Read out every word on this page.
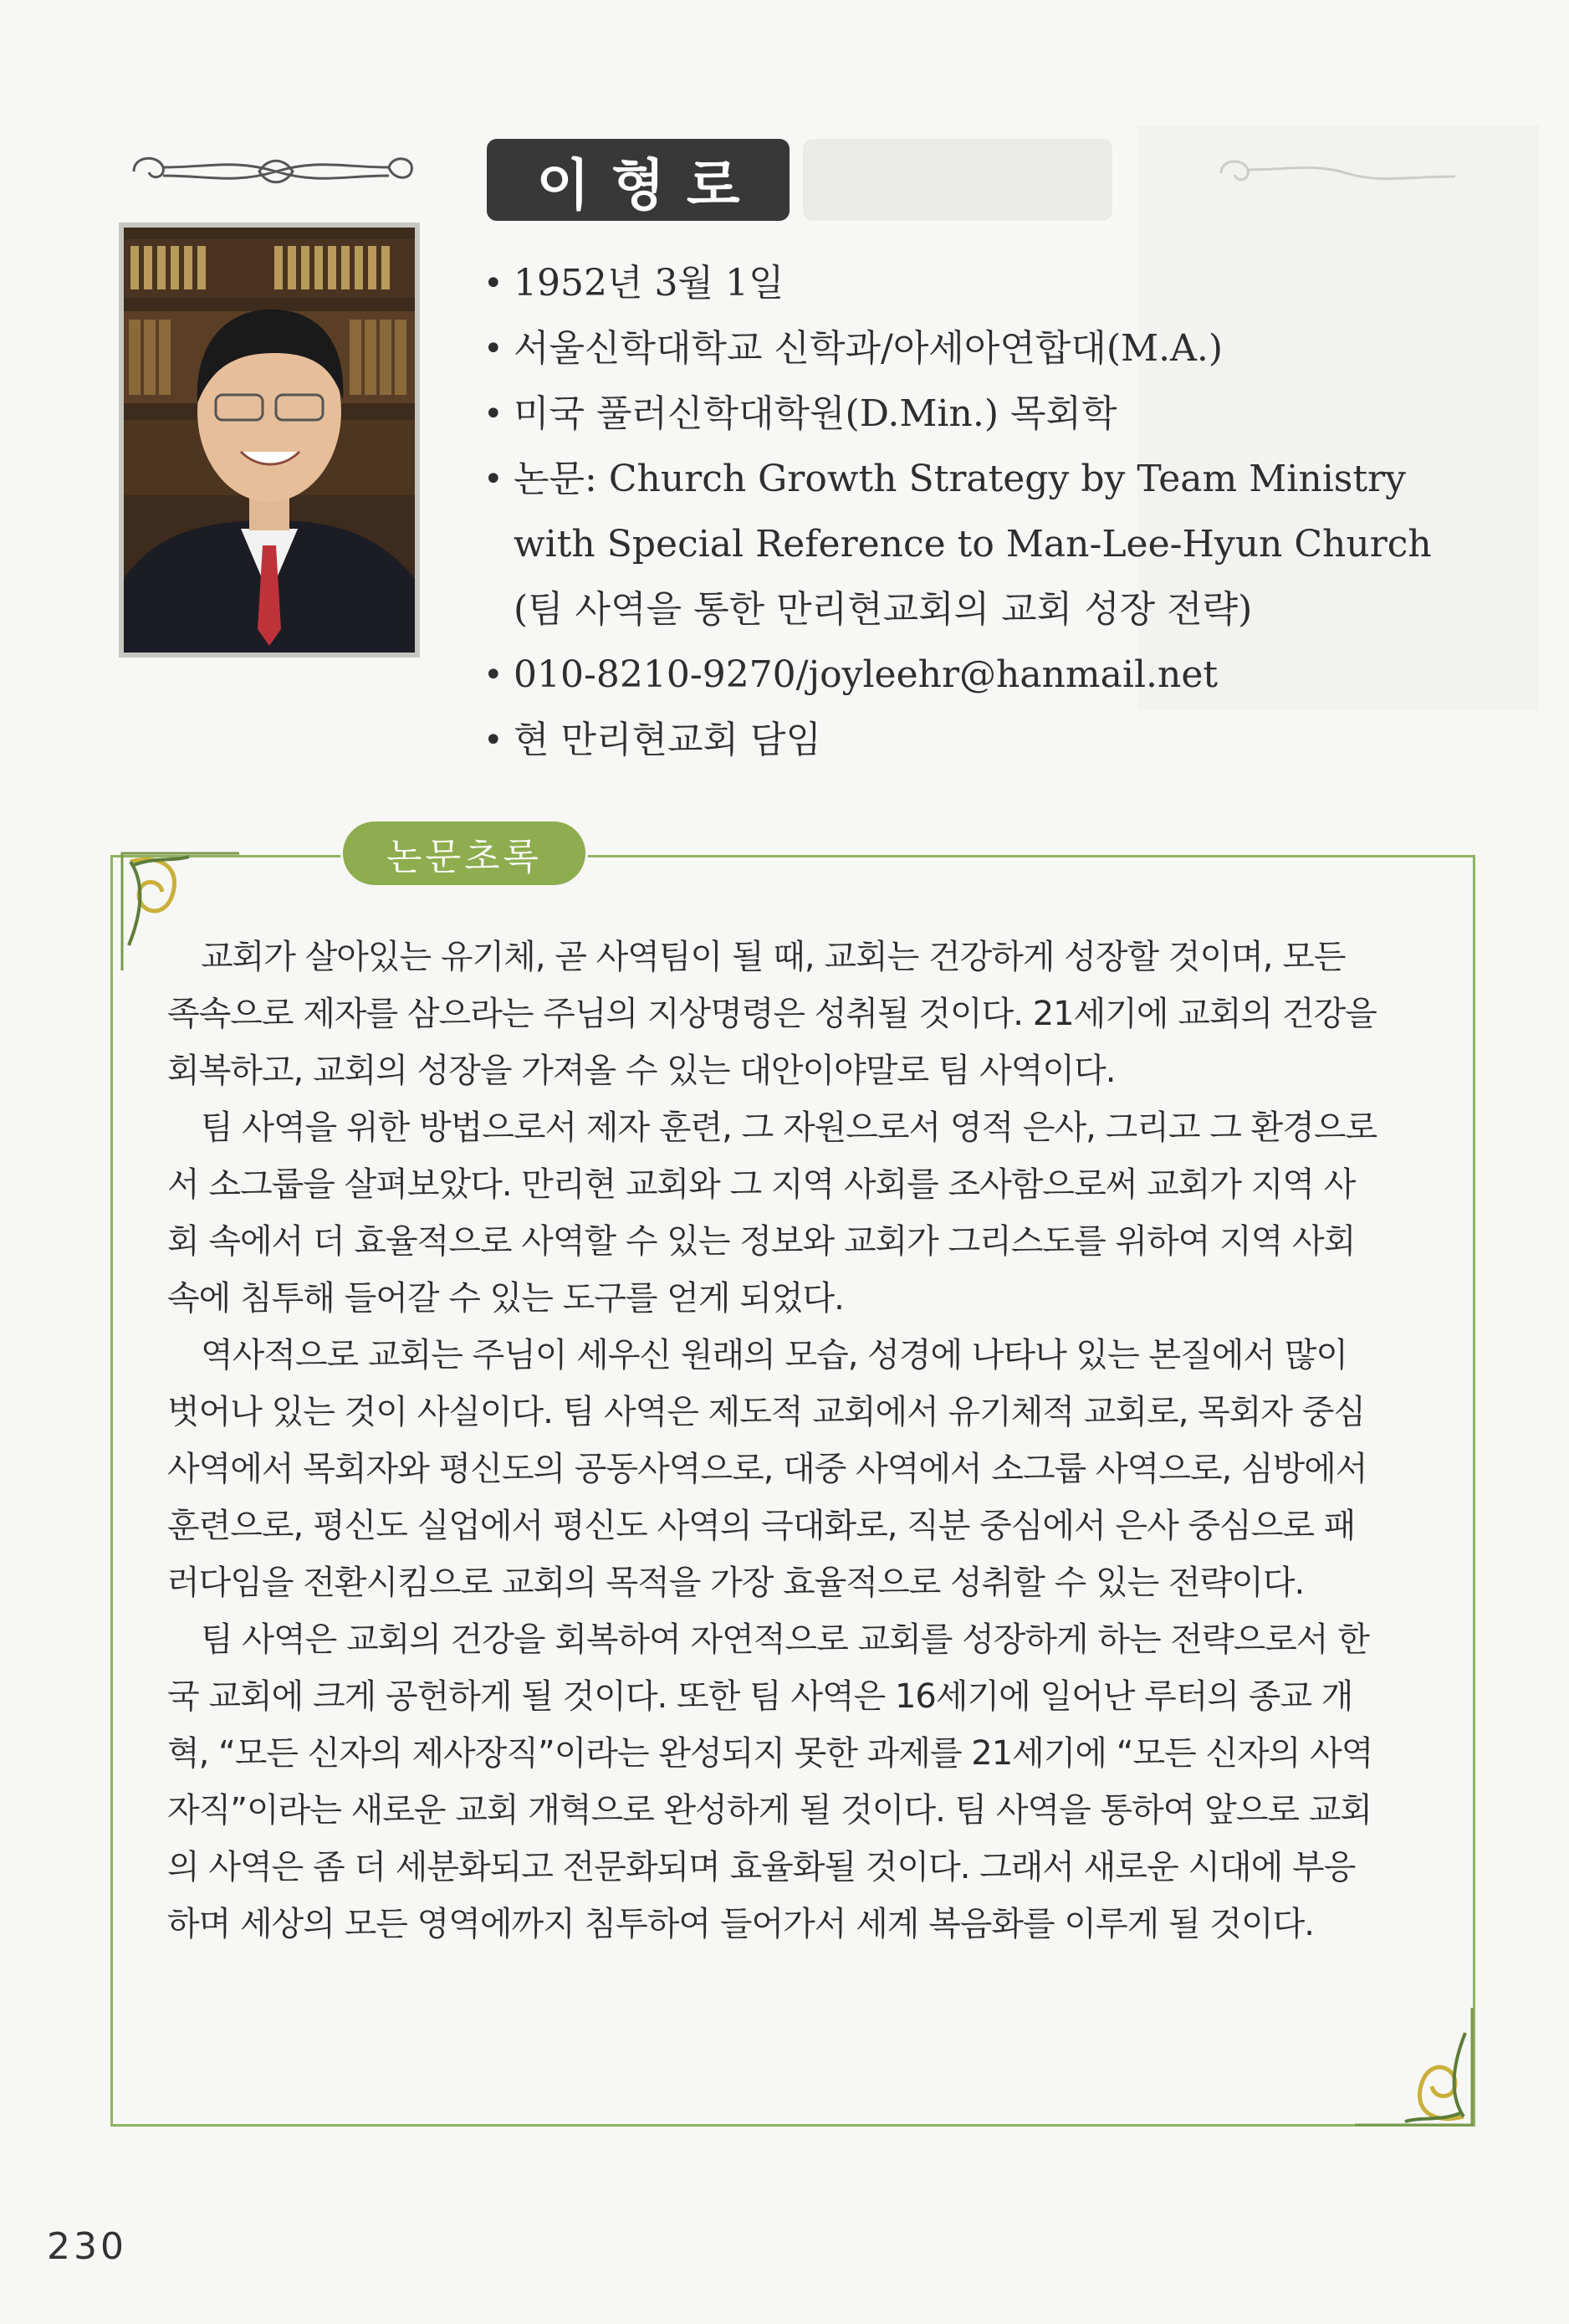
이형로
• 1952년 3월 1일
• 서울신학대학교 신학과/아세아연합대(M.A.)
• 미국 풀러신학대학원(D.Min.) 목회학
• 논문: Church Growth Strategy by Team Ministry
with Special Reference to Man-Lee-Hyun Church
(팀 사역을 통한 만리현교회의 교회 성장 전략)
• 010-8210-9270/joyleehr@hanmail.net
• 현 만리현교회 담임
논문초록

교회가 살아있는 유기체, 곧 사역팀이 될 때, 교회는 건강하게 성장할 것이며, 모든

족속으로 제자를 삼으라는 주님의 지상명령은 성취될 것이다. 21세기에 교회의 건강을

회복하고, 교회의 성장을 가져올 수 있는 대안이야말로 팀 사역이다.

팀 사역을 위한 방법으로서 제자 훈련, 그 자원으로서 영적 은사, 그리고 그 환경으로

서 소그룹을 살펴보았다. 만리현 교회와 그 지역 사회를 조사함으로써 교회가 지역 사

회 속에서 더 효율적으로 사역할 수 있는 정보와 교회가 그리스도를 위하여 지역 사회

속에 침투해 들어갈 수 있는 도구를 얻게 되었다.

역사적으로 교회는 주님이 세우신 원래의 모습, 성경에 나타나 있는 본질에서 많이

벗어나 있는 것이 사실이다. 팀 사역은 제도적 교회에서 유기체적 교회로, 목회자 중심

사역에서 목회자와 평신도의 공동사역으로, 대중 사역에서 소그룹 사역으로, 심방에서

훈련으로, 평신도 실업에서 평신도 사역의 극대화로, 직분 중심에서 은사 중심으로 패

러다임을 전환시킴으로 교회의 목적을 가장 효율적으로 성취할 수 있는 전략이다.

팀 사역은 교회의 건강을 회복하여 자연적으로 교회를 성장하게 하는 전략으로서 한

국 교회에 크게 공헌하게 될 것이다. 또한 팀 사역은 16세기에 일어난 루터의 종교 개

혁, “모든 신자의 제사장직”이라는 완성되지 못한 과제를 21세기에 “모든 신자의 사역

자직”이라는 새로운 교회 개혁으로 완성하게 될 것이다. 팀 사역을 통하여 앞으로 교회

의 사역은 좀 더 세분화되고 전문화되며 효율화될 것이다. 그래서 새로운 시대에 부응

하며 세상의 모든 영역에까지 침투하여 들어가서 세계 복음화를 이루게 될 것이다.

230
